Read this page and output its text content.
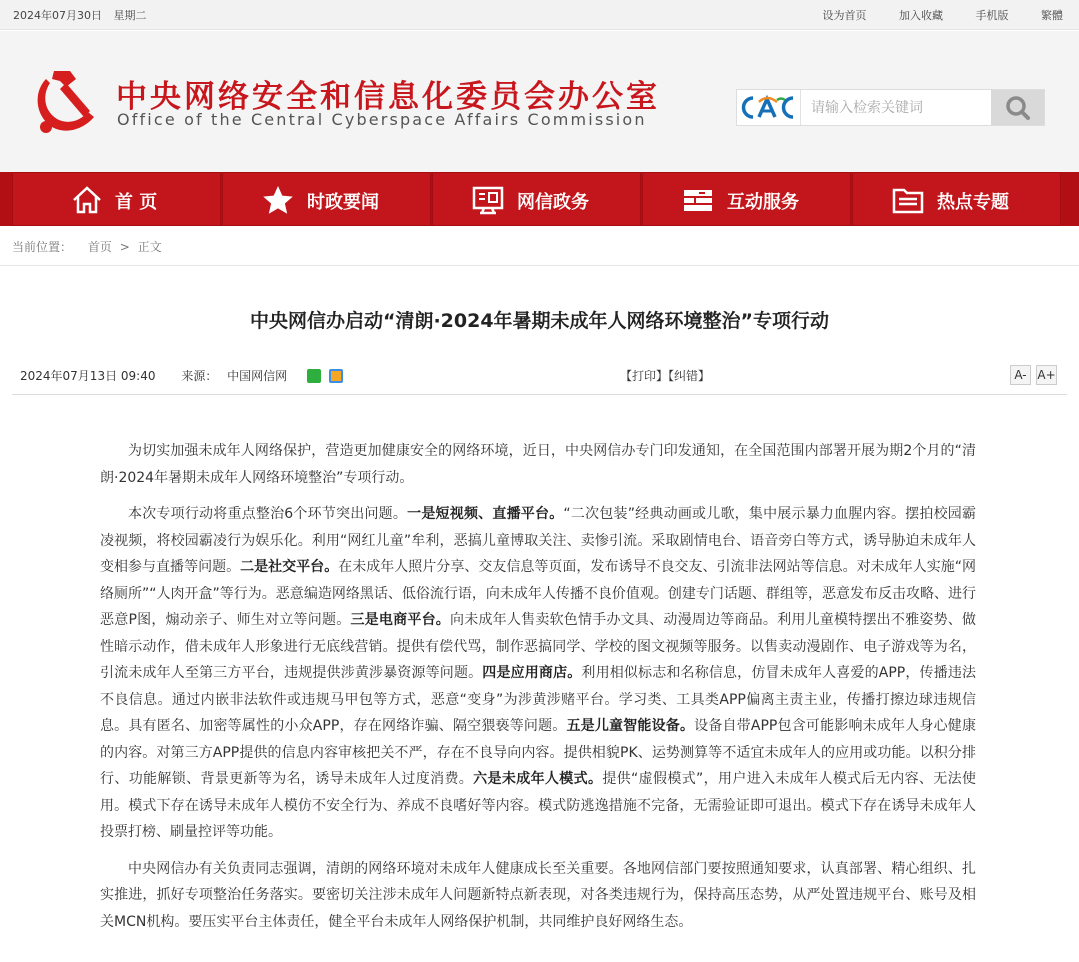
2024年07月30日 星期二	设为首页	加入收藏	手机版	繁體
中央网络安全和信息化委员会办公室
Office of the Central Cyberspace Affairs Commission
请输入检索关键词
首 页	时政要闻	网信政务	互动服务	热点专题
当前位置： 首页 > 正文
中央网信办启动“清朗·2024年暑期未成年人网络环境整治”专项行动
2024年07月13日 09:40 来源： 中国网信网	【打印】【纠错】	A- A+

为切实加强未成年人网络保护，营造更加健康安全的网络环境，近日，中央网信办专门印发通知，在全国范围内部署开展为期2个月的“清朗·2024年暑期未成年人网络环境整治”专项行动。

本次专项行动将重点整治6个环节突出问题。一是短视频、直播平台。“二次包装”经典动画或儿歌，集中展示暴力血腥内容。摆拍校园霸凌视频，将校园霸凌行为娱乐化。利用“网红儿童”牟利，恶搞儿童博取关注、卖惨引流。采取剧情电台、语音旁白等方式，诱导胁迫未成年人变相参与直播等问题。二是社交平台。在未成年人照片分享、交友信息等页面，发布诱导不良交友、引流非法网站等信息。对未成年人实施“网络厕所”“人肉开盒”等行为。恶意编造网络黑话、低俗流行语，向未成年人传播不良价值观。创建专门话题、群组等，恶意发布反击攻略、进行恶意P图，煽动亲子、师生对立等问题。三是电商平台。向未成年人售卖软色情手办文具、动漫周边等商品。利用儿童模特摆出不雅姿势、做性暗示动作，借未成年人形象进行无底线营销。提供有偿代骂，制作恶搞同学、学校的图文视频等服务。以售卖动漫剧作、电子游戏等为名，引流未成年人至第三方平台，违规提供涉黄涉暴资源等问题。四是应用商店。利用相似标志和名称信息，仿冒未成年人喜爱的APP，传播违法不良信息。通过内嵌非法软件或违规马甲包等方式，恶意“变身”为涉黄涉赌平台。学习类、工具类APP偏离主责主业，传播打擦边球违规信息。具有匿名、加密等属性的小众APP，存在网络诈骗、隔空猥亵等问题。五是儿童智能设备。设备自带APP包含可能影响未成年人身心健康的内容。对第三方APP提供的信息内容审核把关不严，存在不良导向内容。提供相貌PK、运势测算等不适宜未成年人的应用或功能。以积分排行、功能解锁、背景更新等为名，诱导未成年人过度消费。六是未成年人模式。提供“虚假模式”，用户进入未成年人模式后无内容、无法使用。模式下存在诱导未成年人模仿不安全行为、养成不良嗜好等内容。模式防逃逸措施不完备，无需验证即可退出。模式下存在诱导未成年人投票打榜、刷量控评等功能。

中央网信办有关负责同志强调，清朗的网络环境对未成年人健康成长至关重要。各地网信部门要按照通知要求，认真部署、精心组织、扎实推进，抓好专项整治任务落实。要密切关注涉未成年人问题新特点新表现，对各类违规行为，保持高压态势，从严处置违规平台、账号及相关MCN机构。要压实平台主体责任，健全平台未成年人网络保护机制，共同维护良好网络生态。
